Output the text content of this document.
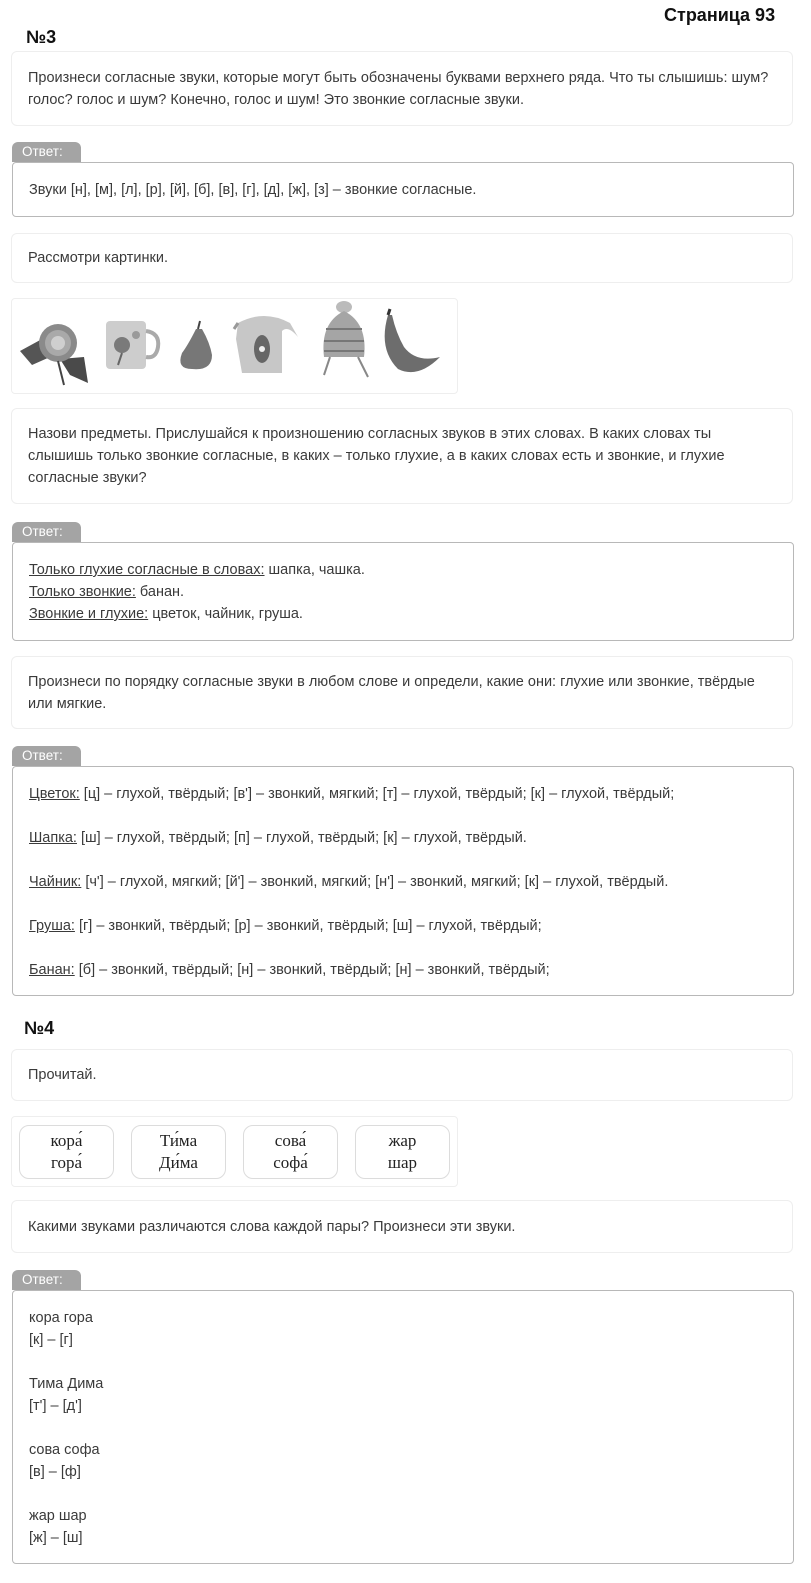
Страница 93
№3

Произнеси согласные звуки, которые могут быть обозначены буквами верхнего ряда. Что ты слышишь: шум? голос? голос и шум? Конечно, голос и шум! Это звонкие согласные звуки.

Ответ:

Звуки [н], [м], [л], [р], [й], [б], [в], [г], [д], [ж], [з] – звонкие согласные.

Рассмотри картинки.

Назови предметы. Прислушайся к произношению согласных звуков в этих словах. В каких словах ты слышишь только звонкие согласные, в каких – только глухие, а в каких словах есть и звонкие, и глухие согласные звуки?

Ответ:

Только глухие согласные в словах: шапка, чашка.

Только звонкие: банан.

Звонкие и глухие: цветок, чайник, груша.

Произнеси по порядку согласные звуки в любом слове и определи, какие они: глухие или звонкие, твёрдые или мягкие.

Ответ:

Цветок: [ц] – глухой, твёрдый; [в'] – звонкий, мягкий; [т] – глухой, твёрдый; [к] – глухой, твёрдый;

Шапка: [ш] – глухой, твёрдый; [п] – глухой, твёрдый; [к] – глухой, твёрдый.

Чайник: [ч'] – глухой, мягкий; [й'] – звонкий, мягкий; [н'] – звонкий, мягкий; [к] – глухой, твёрдый.

Груша: [г] – звонкий, твёрдый; [р] – звонкий, твёрдый; [ш] – глухой, твёрдый;

Банан: [б] – звонкий, твёрдый; [н] – звонкий, твёрдый; [н] – звонкий, твёрдый;

№4

Прочитай.

кора́
гора́
Ти́ма
Ди́ма
сова́
софа́
жар
шар

Какими звуками различаются слова каждой пары? Произнеси эти звуки.

Ответ:

кора гора

[к] – [г]

Тима Дима

[т'] – [д']

сова софа

[в] – [ф]

жар шар

[ж] – [ш]
